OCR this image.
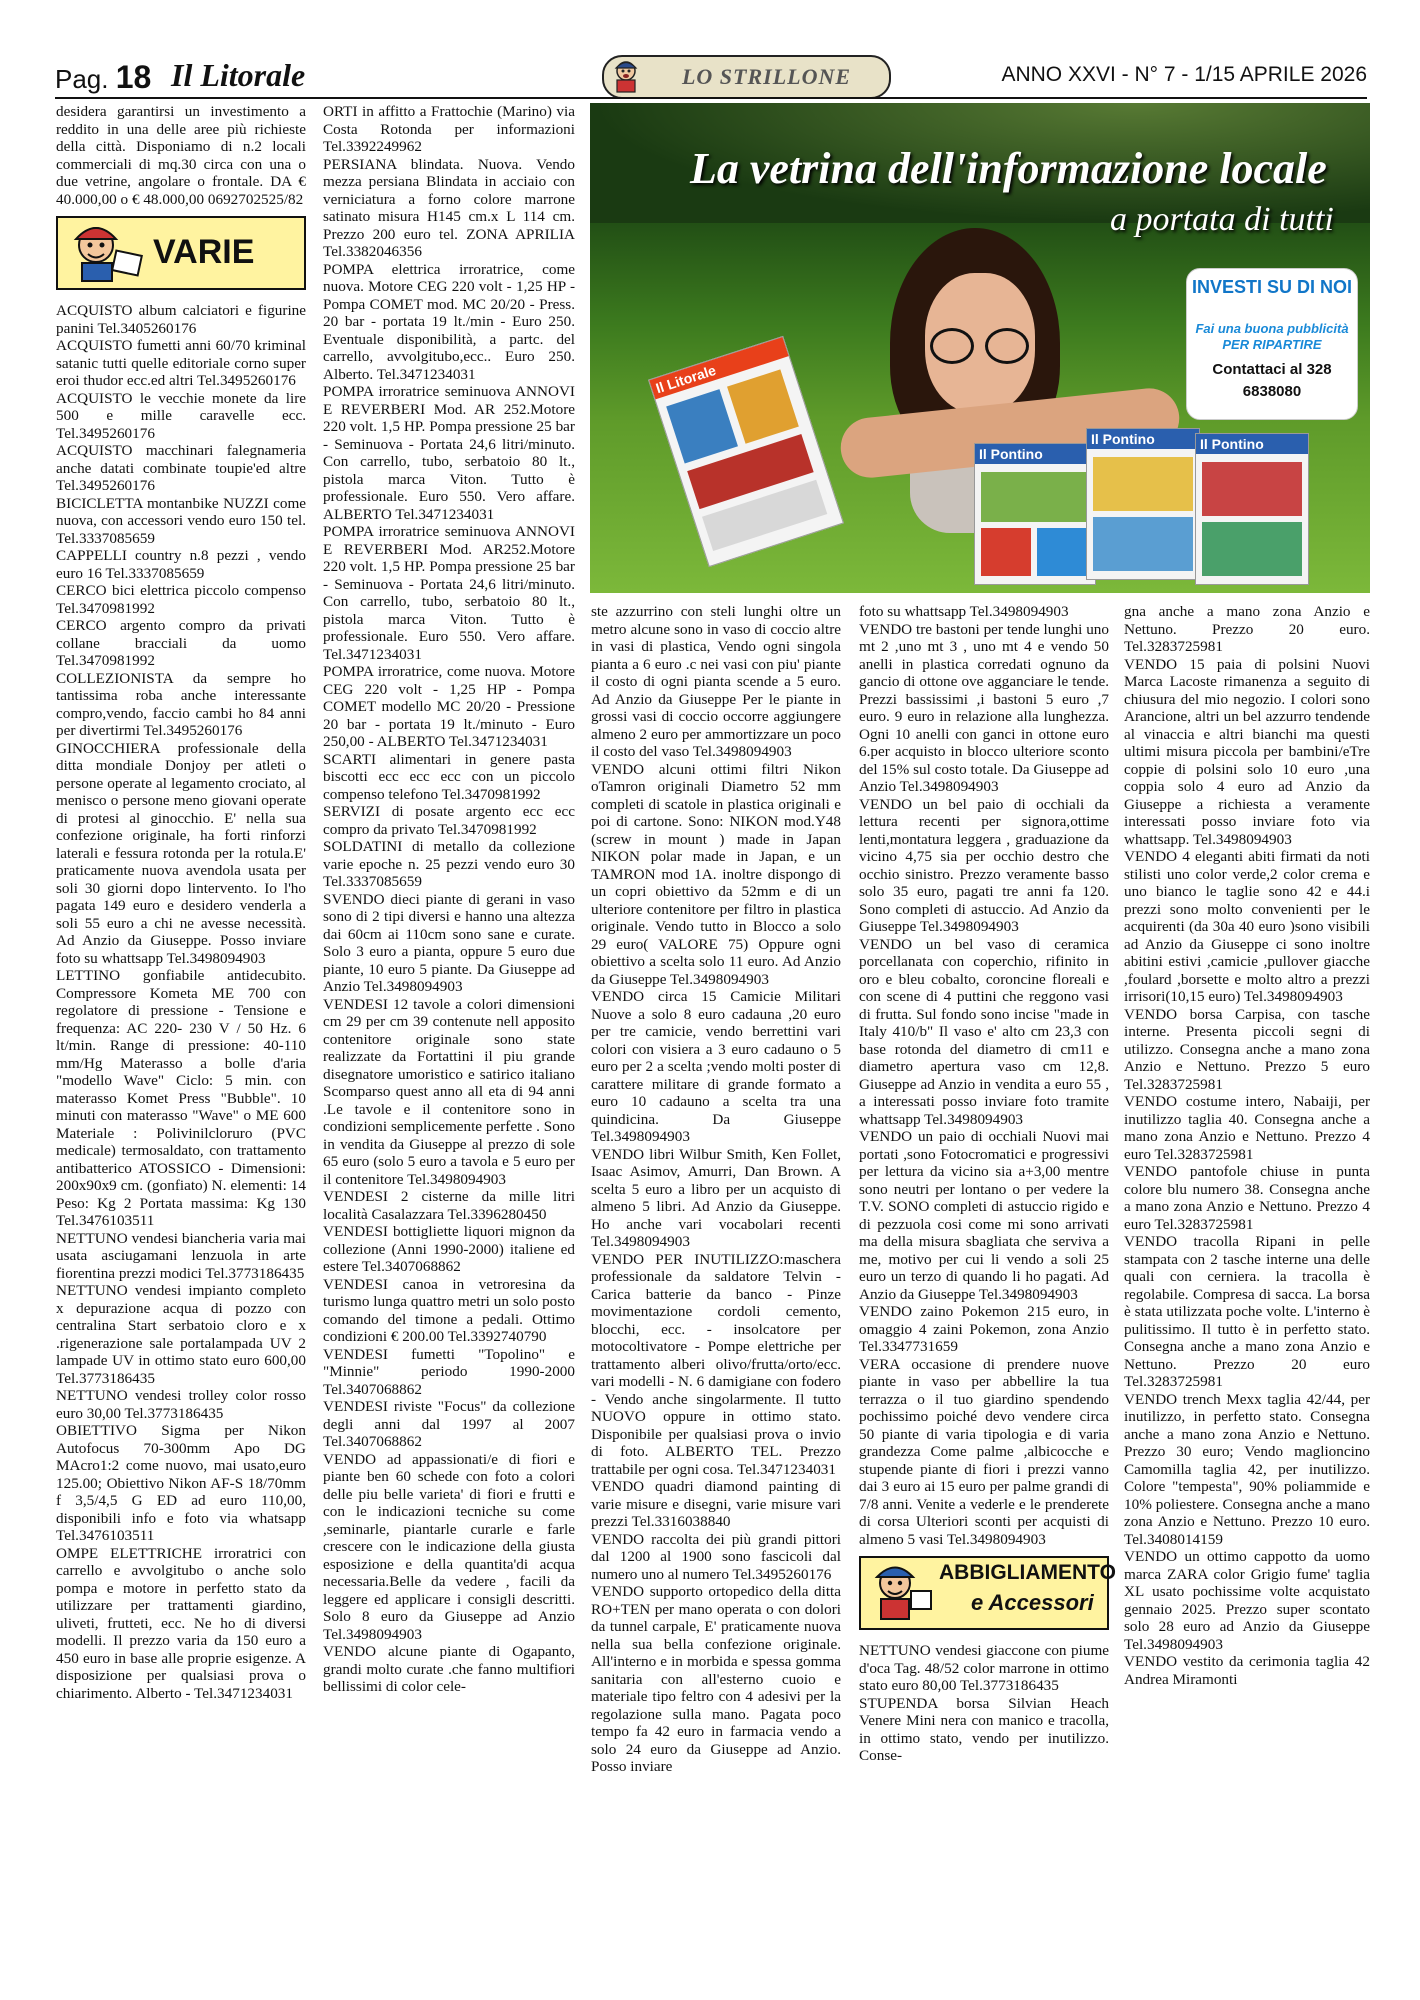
Pag. 18 Il Litorale	LO STRILLONE	ANNO XXVI - N° 7 - 1/15 APRILE 2026
La vetrina dell'informazione locale
a portata di tutti
Il Litorale
Il Pontino
Il Pontino	Il Pontino
INVESTI SU DI NOI
Fai una buona pubblicità PER RIPARTIRE
Contattaci al 328 6838080

desidera garantirsi un investimento a reddito in una delle aree più richieste della città. Disponiamo di n.2 locali commerciali di mq.30 circa con una o due vetrine, angolare o frontale. DA € 40.000,00 o € 48.000,00 0692702525/82

VARIE

ACQUISTO album calciatori e figurine panini Tel.3405260176

ACQUISTO fumetti anni 60/70 kriminal satanic tutti quelle editoriale corno super eroi thudor ecc.ed altri Tel.3495260176

ACQUISTO le vecchie monete da lire 500 e mille caravelle ecc. Tel.3495260176

ACQUISTO macchinari falegnameria anche datati combinate toupie'ed altre Tel.3495260176

BICICLETTA montanbike NUZZI come nuova, con accessori vendo euro 150 tel. Tel.3337085659

CAPPELLI country n.8 pezzi , vendo euro 16 Tel.3337085659

CERCO bici elettrica piccolo compenso Tel.3470981992

CERCO argento compro da privati collane bracciali da uomo Tel.3470981992

COLLEZIONISTA da sempre ho tantissima roba anche interessante compro,vendo, faccio cambi ho 84 anni per divertirmi Tel.3495260176

GINOCCHIERA professionale della ditta mondiale Donjoy per atleti o persone operate al legamento crociato, al menisco o persone meno giovani operate di protesi al ginocchio. E' nella sua confezione originale, ha forti rinforzi laterali e fessura rotonda per la rotula.E' praticamente nuova avendola usata per soli 30 giorni dopo lintervento. Io l'ho pagata 149 euro e desidero venderla a soli 55 euro a chi ne avesse necessità. Ad Anzio da Giuseppe. Posso inviare foto su whattsapp Tel.3498094903

LETTINO gonfiabile antidecubito. Compressore Kometa ME 700 con regolatore di pressione - Tensione e frequenza: AC 220- 230 V / 50 Hz. 6 lt/min. Range di pressione: 40-110 mm/Hg Materasso a bolle d'aria "modello Wave" Ciclo: 5 min. con materasso Komet Press "Bubble". 10 minuti con materasso "Wave" o ME 600 Materiale : Polivinilcloruro (PVC medicale) termosaldato, con trattamento antibatterico ATOSSICO - Dimensioni: 200x90x9 cm. (gonfiato) N. elementi: 14 Peso: Kg 2 Portata massima: Kg 130 Tel.3476103511

NETTUNO vendesi biancheria varia mai usata asciugamani lenzuola in arte fiorentina prezzi modici Tel.3773186435

NETTUNO vendesi impianto completo x depurazione acqua di pozzo con centralina Start serbatoio cloro e x .rigenerazione sale portalampada UV 2 lampade UV in ottimo stato euro 600,00 Tel.3773186435

NETTUNO vendesi trolley color rosso euro 30,00 Tel.3773186435

OBIETTIVO Sigma per Nikon Autofocus 70-300mm Apo DG MAcro1:2 come nuovo, mai usato,euro 125.00; Obiettivo Nikon AF-S 18/70mm f 3,5/4,5 G ED ad euro 110,00, disponibili info e foto via whatsapp Tel.3476103511

OMPE ELETTRICHE irroratrici con carrello e avvolgitubo o anche solo pompa e motore in perfetto stato da utilizzare per trattamenti giardino, uliveti, frutteti, ecc. Ne ho di diversi modelli. Il prezzo varia da 150 euro a 450 euro in base alle proprie esigenze. A disposizione per qualsiasi prova o chiarimento. Alberto - Tel.3471234031

ORTI in affitto a Frattochie (Marino) via Costa Rotonda per informazioni Tel.3392249962

PERSIANA blindata. Nuova. Vendo mezza persiana Blindata in acciaio con verniciatura a forno colore marrone satinato misura H145 cm.x L 114 cm. Prezzo 200 euro tel. ZONA APRILIA Tel.3382046356

POMPA elettrica irroratrice, come nuova. Motore CEG 220 volt - 1,25 HP - Pompa COMET mod. MC 20/20 - Press. 20 bar - portata 19 lt./min - Euro 250. Eventuale disponibilità, a partc. del carrello, avvolgitubo,ecc.. Euro 250. Alberto. Tel.3471234031

POMPA irroratrice seminuova ANNOVI E REVERBERI Mod. AR 252.Motore 220 volt. 1,5 HP. Pompa pressione 25 bar - Seminuova - Portata 24,6 litri/minuto. Con carrello, tubo, serbatoio 80 lt., pistola marca Viton. Tutto è professionale. Euro 550. Vero affare. ALBERTO Tel.3471234031

POMPA irroratrice seminuova ANNOVI E REVERBERI Mod. AR252.Motore 220 volt. 1,5 HP. Pompa pressione 25 bar - Seminuova - Portata 24,6 litri/minuto. Con carrello, tubo, serbatoio 80 lt., pistola marca Viton. Tutto è professionale. Euro 550. Vero affare. Tel.3471234031

POMPA irroratrice, come nuova. Motore CEG 220 volt - 1,25 HP - Pompa COMET modello MC 20/20 - Pressione 20 bar - portata 19 lt./minuto - Euro 250,00 - ALBERTO Tel.3471234031

SCARTI alimentari in genere pasta biscotti ecc ecc ecc con un piccolo compenso telefono Tel.3470981992

SERVIZI di posate argento ecc ecc compro da privato Tel.3470981992

SOLDATINI di metallo da collezione varie epoche n. 25 pezzi vendo euro 30 Tel.3337085659

SVENDO dieci piante di gerani in vaso sono di 2 tipi diversi e hanno una altezza dai 60cm ai 110cm sono sane e curate. Solo 3 euro a pianta, oppure 5 euro due piante, 10 euro 5 piante. Da Giuseppe ad Anzio Tel.3498094903

VENDESI 12 tavole a colori dimensioni cm 29 per cm 39 contenute nell apposito contenitore originale sono state realizzate da Fortattini il piu grande disegnatore umoristico e satirico italiano Scomparso quest anno all eta di 94 anni .Le tavole e il contenitore sono in condizioni semplicemente perfette . Sono in vendita da Giuseppe al prezzo di sole 65 euro (solo 5 euro a tavola e 5 euro per il contenitore Tel.3498094903

VENDESI 2 cisterne da mille litri località Casalazzara Tel.3396280450

VENDESI bottigliette liquori mignon da collezione (Anni 1990-2000) italiene ed estere Tel.3407068862

VENDESI canoa in vetroresina da turismo lunga quattro metri un solo posto comando del timone a pedali. Ottimo condizioni € 200.00 Tel.3392740790

VENDESI fumetti "Topolino" e "Minnie" periodo 1990-2000 Tel.3407068862

VENDESI riviste "Focus" da collezione degli anni dal 1997 al 2007 Tel.3407068862

VENDO ad appassionati/e di fiori e piante ben 60 schede con foto a colori delle piu belle varieta' di fiori e frutti e con le indicazioni tecniche su come ,seminarle, piantarle curarle e farle crescere con le indicazione della giusta esposizione e della quantita'di acqua necessaria.Belle da vedere , facili da leggere ed applicare i consigli descritti. Solo 8 euro da Giuseppe ad Anzio Tel.3498094903

VENDO alcune piante di Ogapanto, grandi molto curate .che fanno multifiori bellissimi di color cele-

ste azzurrino con steli lunghi oltre un metro alcune sono in vaso di coccio altre in vasi di plastica, Vendo ogni singola pianta a 6 euro .c nei vasi con piu' piante il costo di ogni pianta scende a 5 euro. Ad Anzio da Giuseppe Per le piante in grossi vasi di coccio occorre aggiungere almeno 2 euro per ammortizzare un poco il costo del vaso Tel.3498094903

VENDO alcuni ottimi filtri Nikon oTamron originali Diametro 52 mm completi di scatole in plastica originali e poi di cartone. Sono: NIKON mod.Y48 (screw in mount ) made in Japan NIKON polar made in Japan, e un TAMRON mod 1A. inoltre dispongo di un copri obiettivo da 52mm e di un ulteriore contenitore per filtro in plastica originale. Vendo tutto in Blocco a solo 29 euro( VALORE 75) Oppure ogni obiettivo a scelta solo 11 euro. Ad Anzio da Giuseppe Tel.3498094903

VENDO circa 15 Camicie Militari Nuove a solo 8 euro cadauna ,20 euro per tre camicie, vendo berrettini vari colori con visiera a 3 euro cadauno o 5 euro per 2 a scelta ;vendo molti poster di carattere militare di grande formato a euro 10 cadauno a scelta tra una quindicina. Da Giuseppe Tel.3498094903

VENDO libri Wilbur Smith, Ken Follet, Isaac Asimov, Amurri, Dan Brown. A scelta 5 euro a libro per un acquisto di almeno 5 libri. Ad Anzio da Giuseppe. Ho anche vari vocabolari recenti Tel.3498094903

VENDO PER INUTILIZZO:maschera professionale da saldatore Telvin - Carica batterie da banco - Pinze movimentazione cordoli cemento, blocchi, ecc. - insolcatore per motocoltivatore - Pompe elettriche per trattamento alberi olivo/frutta/orto/ecc. vari modelli - N. 6 damigiane con fodero - Vendo anche singolarmente. Il tutto NUOVO oppure in ottimo stato. Disponibile per qualsiasi prova o invio di foto. ALBERTO TEL. Prezzo trattabile per ogni cosa. Tel.3471234031

VENDO quadri diamond painting di varie misure e disegni, varie misure vari prezzi Tel.3316038840

VENDO raccolta dei più grandi pittori dal 1200 al 1900 sono fascicoli dal numero uno al numero Tel.3495260176

VENDO supporto ortopedico della ditta RO+TEN per mano operata o con dolori da tunnel carpale, E' praticamente nuova nella sua bella confezione originale. All'interno e in morbida e spessa gomma sanitaria con all'esterno cuoio e materiale tipo feltro con 4 adesivi per la regolazione sulla mano. Pagata poco tempo fa 42 euro in farmacia vendo a solo 24 euro da Giuseppe ad Anzio. Posso inviare

foto su whattsapp Tel.3498094903

VENDO tre bastoni per tende lunghi uno mt 2 ,uno mt 3 , uno mt 4 e vendo 50 anelli in plastica corredati ognuno da gancio di ottone ove agganciare le tende. Prezzi bassissimi ,i bastoni 5 euro ,7 euro. 9 euro in relazione alla lunghezza. Ogni 10 anelli con ganci in ottone euro 6.per acquisto in blocco ulteriore sconto del 15% sul costo totale. Da Giuseppe ad Anzio Tel.3498094903

VENDO un bel paio di occhiali da lettura recenti per signora,ottime lenti,montatura leggera , graduazione da vicino 4,75 sia per occhio destro che occhio sinistro. Prezzo veramente basso solo 35 euro, pagati tre anni fa 120. Sono completi di astuccio. Ad Anzio da Giuseppe Tel.3498094903

VENDO un bel vaso di ceramica porcellanata con coperchio, rifinito in oro e bleu cobalto, coroncine floreali e con scene di 4 puttini che reggono vasi di frutta. Sul fondo sono incise "made in Italy 410/b" Il vaso e' alto cm 23,3 con base rotonda del diametro di cm11 e diametro apertura vaso cm 12,8. Giuseppe ad Anzio in vendita a euro 55 , a interessati posso inviare foto tramite whattsapp Tel.3498094903

VENDO un paio di occhiali Nuovi mai portati ,sono Fotocromatici e progressivi per lettura da vicino sia a+3,00 mentre sono neutri per lontano o per vedere la T.V. SONO completi di astuccio rigido e di pezzuola cosi come mi sono arrivati ma della misura sbagliata che serviva a me, motivo per cui li vendo a soli 25 euro un terzo di quando li ho pagati. Ad Anzio da Giuseppe Tel.3498094903

VENDO zaino Pokemon 215 euro, in omaggio 4 zaini Pokemon, zona Anzio Tel.3347731659

VERA occasione di prendere nuove piante in vaso per abbellire la tua terrazza o il tuo giardino spendendo pochissimo poiché devo vendere circa 50 piante di varia tipologia e di varia grandezza Come palme ,albicocche e stupende piante di fiori i prezzi vanno dai 3 euro ai 15 euro per palme grandi di 7/8 anni. Venite a vederle e le prenderete di corsa Ulteriori sconti per acquisti di almeno 5 vasi Tel.3498094903

ABBIGLIAMENTO
e Accessori

NETTUNO vendesi giaccone con piume d'oca Tag. 48/52 color marrone in ottimo stato euro 80,00 Tel.3773186435

STUPENDA borsa Silvian Heach Venere Mini nera con manico e tracolla, in ottimo stato, vendo per inutilizzo. Conse-

gna anche a mano zona Anzio e Nettuno. Prezzo 20 euro. Tel.3283725981

VENDO 15 paia di polsini Nuovi Marca Lacoste rimanenza a seguito di chiusura del mio negozio. I colori sono Arancione, altri un bel azzurro tendende al vinaccia e altri bianchi ma questi ultimi misura piccola per bambini/eTre coppie di polsini solo 10 euro ,una coppia solo 4 euro ad Anzio da Giuseppe a richiesta a veramente interessati posso inviare foto via whattsapp. Tel.3498094903

VENDO 4 eleganti abiti firmati da noti stilisti uno color verde,2 color crema e uno bianco le taglie sono 42 e 44.i prezzi sono molto convenienti per le acquirenti (da 30a 40 euro )sono visibili ad Anzio da Giuseppe ci sono inoltre abitini estivi ,camicie ,pullover giacche ,foulard ,borsette e molto altro a prezzi irrisori(10,15 euro) Tel.3498094903

VENDO borsa Carpisa, con tasche interne. Presenta piccoli segni di utilizzo. Consegna anche a mano zona Anzio e Nettuno. Prezzo 5 euro Tel.3283725981

VENDO costume intero, Nabaiji, per inutilizzo taglia 40. Consegna anche a mano zona Anzio e Nettuno. Prezzo 4 euro Tel.3283725981

VENDO pantofole chiuse in punta colore blu numero 38. Consegna anche a mano zona Anzio e Nettuno. Prezzo 4 euro Tel.3283725981

VENDO tracolla Ripani in pelle stampata con 2 tasche interne una delle quali con cerniera. la tracolla è regolabile. Compresa di sacca. La borsa è stata utilizzata poche volte. L'interno è pulitissimo. Il tutto è in perfetto stato. Consegna anche a mano zona Anzio e Nettuno. Prezzo 20 euro Tel.3283725981

VENDO trench Mexx taglia 42/44, per inutilizzo, in perfetto stato. Consegna anche a mano zona Anzio e Nettuno. Prezzo 30 euro; Vendo maglioncino Camomilla taglia 42, per inutilizzo. Colore "tempesta", 90% poliammide e 10% poliestere. Consegna anche a mano zona Anzio e Nettuno. Prezzo 10 euro. Tel.3408014159

VENDO un ottimo cappotto da uomo marca ZARA color Grigio fume' taglia XL usato pochissime volte acquistato gennaio 2025. Prezzo super scontato solo 28 euro ad Anzio da Giuseppe Tel.3498094903

VENDO vestito da cerimonia taglia 42 Andrea Miramonti
